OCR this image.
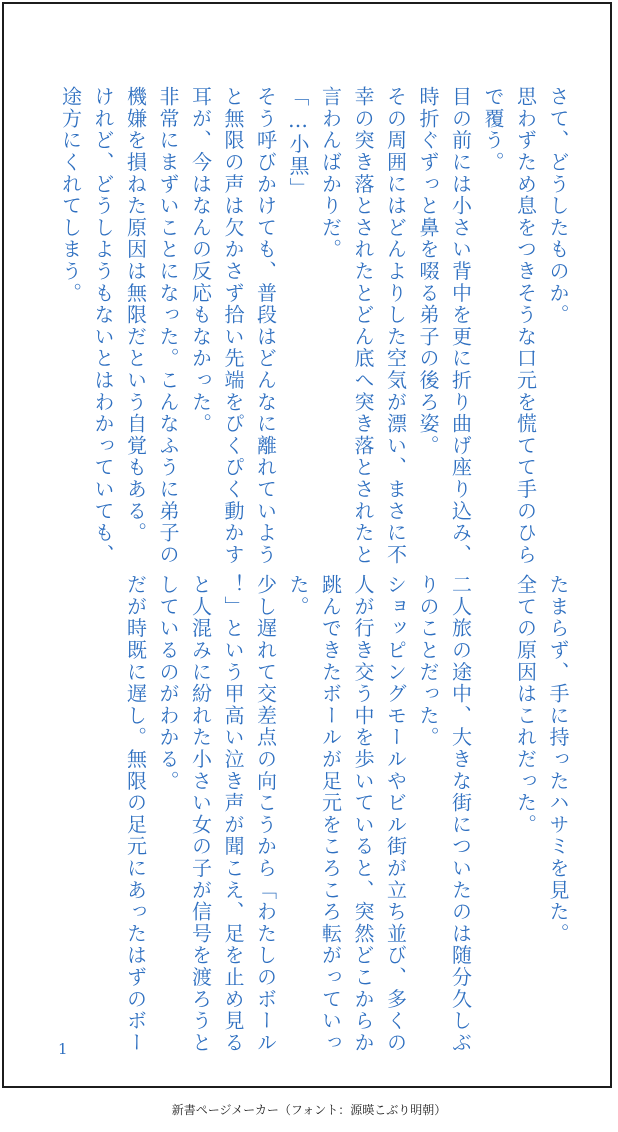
さて、どうしたものか。
思わずため息をつきそうな口元を慌てて手のひら
で覆う。
目の前には小さい背中を更に折り曲げ座り込み、
時折ぐずっと鼻を啜る弟子の後ろ姿。
その周囲にはどんよりした空気が漂い、まさに不
幸の突き落とされたとどん底へ突き落とされたと
言わんばかりだ。
「…小黒」
そう呼びかけても、普段はどんなに離れていよう
と無限の声は欠かさず拾い先端をぴくぴく動かす
耳が、今はなんの反応もなかった。
非常にまずいことになった。こんなふうに弟子の
機嫌を損ねた原因は無限だという自覚もある。
けれど、どうしようもないとはわかっていても、
途方にくれてしまう。
たまらず、手に持ったハサミを見た。
全ての原因はこれだった。

二人旅の途中、大きな街についたのは随分久しぶ
りのことだった。
ショッピングモールやビル街が立ち並び、多くの
人が行き交う中を歩いていると、突然どこからか
跳んできたボールが足元をころころ転がっていっ
た。
少し遅れて交差点の向こうから「わたしのボール
！」という甲高い泣き声が聞こえ、足を止め見る
と人混みに紛れた小さい女の子が信号を渡ろうと
しているのがわかる。
だが時既に遅し。無限の足元にあったはずのボー
1
新書ページメーカー（フォント：源暎こぶり明朝）
